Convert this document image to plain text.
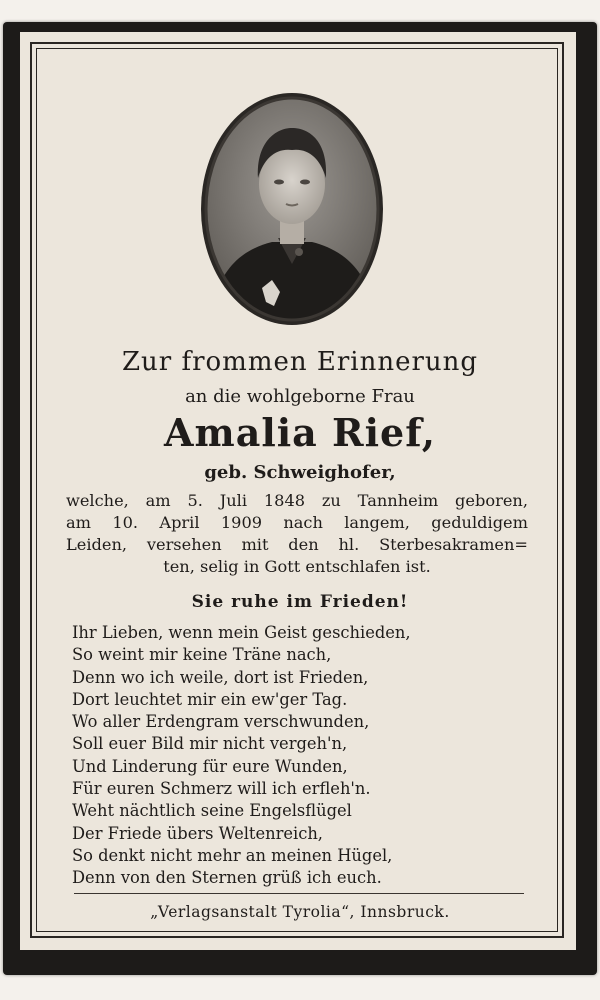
Zur frommen Erinnerung
an die wohlgeborne Frau
Amalia Rief,
geb. Schweighofer,
welche, am 5. Juli 1848 zu Tannheim geboren,
am 10. April 1909 nach langem, geduldigem
Leiden, versehen mit den hl. Sterbesakramen=
ten, selig in Gott entschlafen ist.
Sie ruhe im Frieden!
Ihr Lieben, wenn mein Geist geschieden,
So weint mir keine Träne nach,
Denn wo ich weile, dort ist Frieden,
Dort leuchtet mir ein ew'ger Tag.
Wo aller Erdengram verschwunden,
Soll euer Bild mir nicht vergeh'n,
Und Linderung für eure Wunden,
Für euren Schmerz will ich erfleh'n.
Weht nächtlich seine Engelsflügel
Der Friede übers Weltenreich,
So denkt nicht mehr an meinen Hügel,
Denn von den Sternen grüß ich euch.
„Verlagsanstalt Tyrolia“, Innsbruck.
